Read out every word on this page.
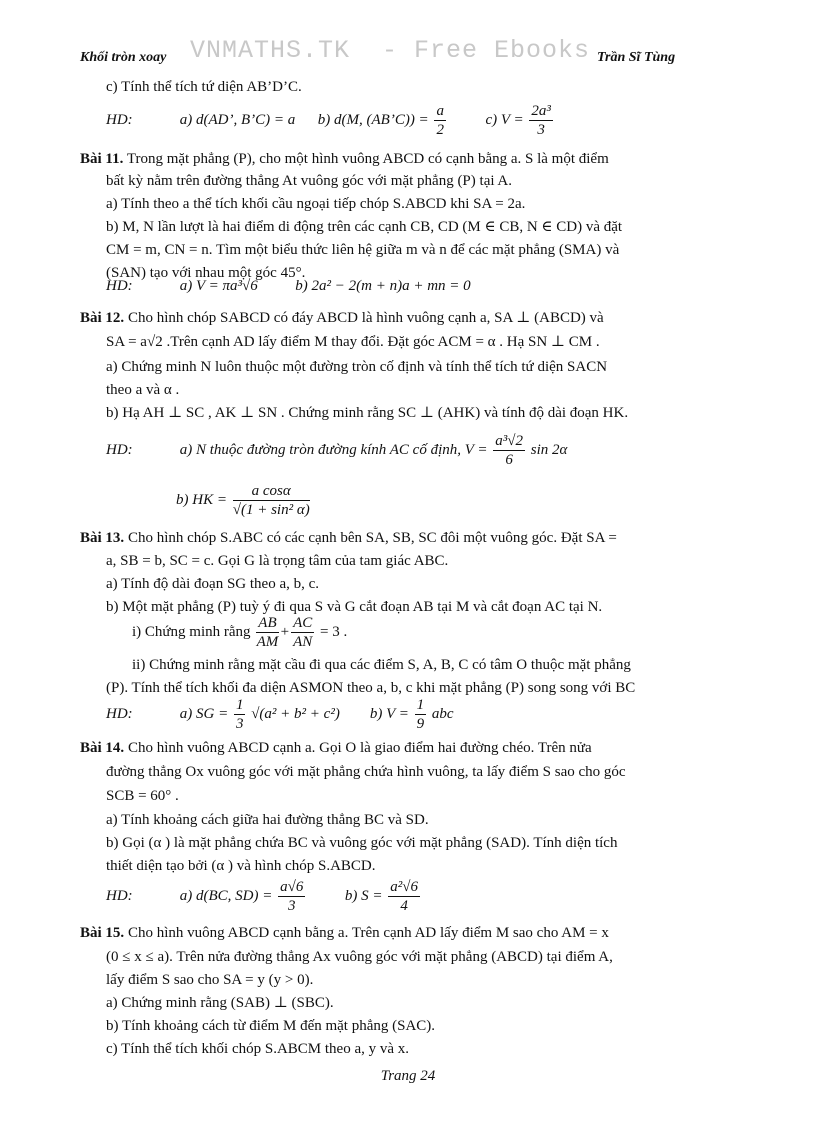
Khối tròn xoay VNMATHS.TK  - Free Ebooks Trần Sĩ Tùng
c) Tính thể tích tứ diện AB’D’C.
HD:	a) d(AD’, B’C) = a b) d(M, (AB’C)) = $\frac{a}{2}$	c) $V = \frac{\text{2a³}}{3}$
Bài 11. Trong mặt phẳng (P), cho một hình vuông ABCD có cạnh bằng a. S là một điểm
bất kỳ nằm trên đường thẳng At vuông góc với mặt phẳng (P) tại A.
a) Tính theo a thể tích khối cầu ngoại tiếp chóp S.ABCD khi SA = 2a.
b) M, N lần lượt là hai điểm di động trên các cạnh CB, CD (M ∈ CB, N ∈ CD) và đặt
CM = m, CN = n. Tìm một biểu thức liên hệ giữa m và n để các mặt phẳng (SMA) và
(SAN) tạo với nhau một góc 45°.
HD:	a) V = πa³√6	b) 2a² − 2(m + n)a + mn = 0
Bài 12. Cho hình chóp SABCD có đáy ABCD là hình vuông cạnh a, SA ⊥ (ABCD) và
SA = a√2 .Trên cạnh AD lấy điểm M thay đổi. Đặt góc ACM = α . Hạ SN ⊥ CM .
a) Chứng minh N luôn thuộc một đường tròn cố định và tính thể tích tứ diện SACN
theo a và α .
b) Hạ AH ⊥ SC , AK ⊥ SN . Chứng minh rằng SC ⊥ (AHK) và tính độ dài đoạn HK.
HD:	a) N thuộc đường tròn đường kính AC cố định, $V = \frac{\text{a³√2}}{6}$ sin 2α
b) HK = $\frac{\text{a cosα}}{\text{√(1 + sin² α)}}$
Bài 13. Cho hình chóp S.ABC có các cạnh bên SA, SB, SC đôi một vuông góc. Đặt SA =
a, SB = b, SC = c. Gọi G là trọng tâm của tam giác ABC.
a) Tính độ dài đoạn SG theo a, b, c.
b) Một mặt phẳng (P) tuỳ ý đi qua S và G cắt đoạn AB tại M và cắt đoạn AC tại N.
i) Chứng minh rằng $\frac{AB}{AM} + \frac{AC}{AN} = 3$ .
ii) Chứng minh rằng mặt cầu đi qua các điểm S, A, B, C có tâm O thuộc mặt phẳng
(P). Tính thể tích khối đa diện ASMON theo a, b, c khi mặt phẳng (P) song song với BC
HD:	a) SG = $\frac{1}{3} √(a^2 + b^2 + c^2)$ b) $V = \frac{1}{9}$ abc
Bài 14. Cho hình vuông ABCD cạnh a. Gọi O là giao điểm hai đường chéo. Trên nửa
đường thẳng Ox vuông góc với mặt phẳng chứa hình vuông, ta lấy điểm S sao cho góc
SCB = 60° .
a) Tính khoảng cách giữa hai đường thẳng BC và SD.
b) Gọi (α ) là mặt phẳng chứa BC và vuông góc với mặt phẳng (SAD). Tính diện tích
thiết diện tạo bởi (α ) và hình chóp S.ABCD.
HD:	a) d(BC, $SD) = \frac{a√6}{3}$	b) $S = \frac{\text{a²√6}}{4}$
Bài 15. Cho hình vuông ABCD cạnh bằng a. Trên cạnh AD lấy điểm M sao cho AM = x
(0 ≤ x ≤ a). Trên nửa đường thẳng Ax vuông góc với mặt phẳng (ABCD) tại điểm A,
lấy điểm S sao cho SA = y (y > 0).
a) Chứng minh rằng (SAB) ⊥ (SBC).
b) Tính khoảng cách từ điểm M đến mặt phẳng (SAC).
c) Tính thể tích khối chóp S.ABCM theo a, y và x.
Trang 24
